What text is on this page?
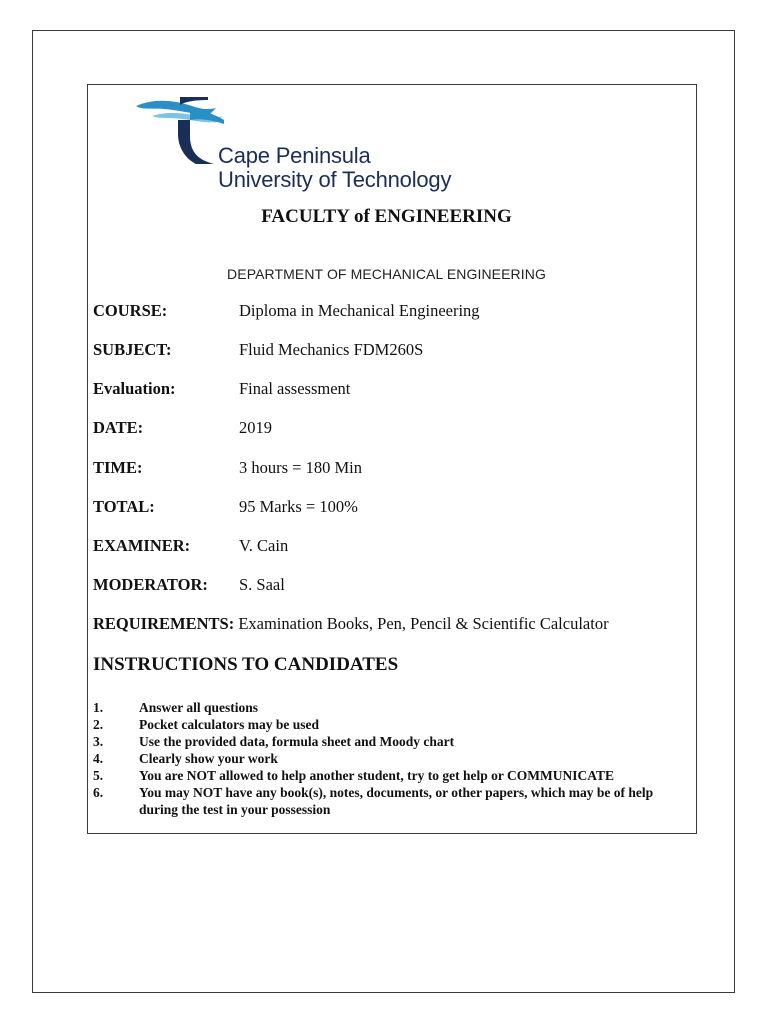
Cape Peninsula
University of Technology
FACULTY of ENGINEERING
DEPARTMENT OF MECHANICAL ENGINEERING
COURSE:	Diploma in Mechanical Engineering
SUBJECT:	Fluid Mechanics FDM260S
Evaluation:	Final assessment
DATE:	2019
TIME:	3 hours = 180 Min
TOTAL:	95 Marks = 100%
EXAMINER:	V. Cain
MODERATOR: S. Saal
REQUIREMENTS: Examination Books, Pen, Pencil & Scientific Calculator
INSTRUCTIONS TO CANDIDATES
1.	Answer all questions
2.	Pocket calculators may be used
3.	Use the provided data, formula sheet and Moody chart
4.	Clearly show your work
5.	You are NOT allowed to help another student, try to get help or COMMUNICATE
6.	You may NOT have any book(s), notes, documents, or other papers, which may be of help during the test in your possession
